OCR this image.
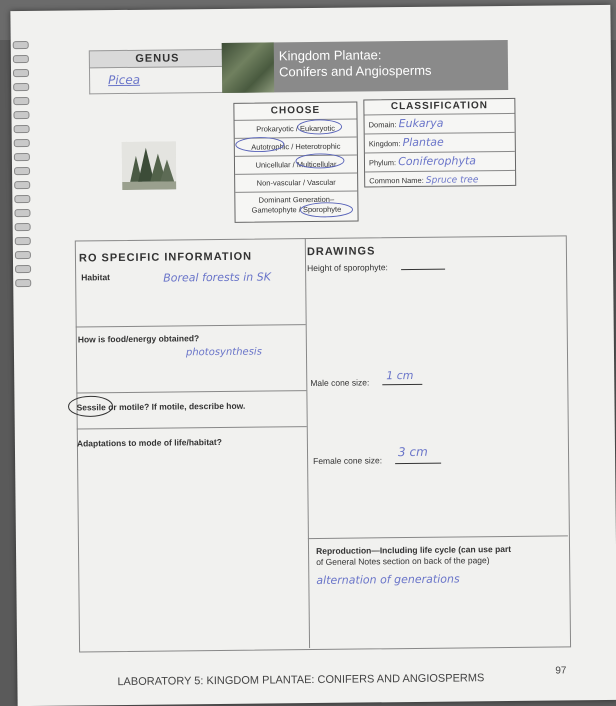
GENUS
Picea
Kingdom Plantae:
Conifers and Angiosperms
CHOOSE
Prokaryotic / Eukaryotic
Autotrophic / Heterotrophic
Unicellular / Multicellular
Non-vascular / Vascular
Dominant Generation–
Gametophyte / Sporophyte
CLASSIFICATION
Domain: Eukarya
Kingdom: Plantae
Phylum: Coniferophyta
Common Name: Spruce tree
RO SPECIFIC INFORMATION
Habitat	Boreal forests in SK
How is food/energy obtained?
photosynthesis
Sessile or motile? If motile, describe how.
Adaptations to mode of life/habitat?
DRAWINGS
Height of sporophyte:
Male cone size:
1 cm
Female cone size:
3 cm
Reproduction—Including life cycle (can use part
of General Notes section on back of the page)
alternation of generations
LABORATORY 5: KINGDOM PLANTAE: CONIFERS AND ANGIOSPERMS
97
